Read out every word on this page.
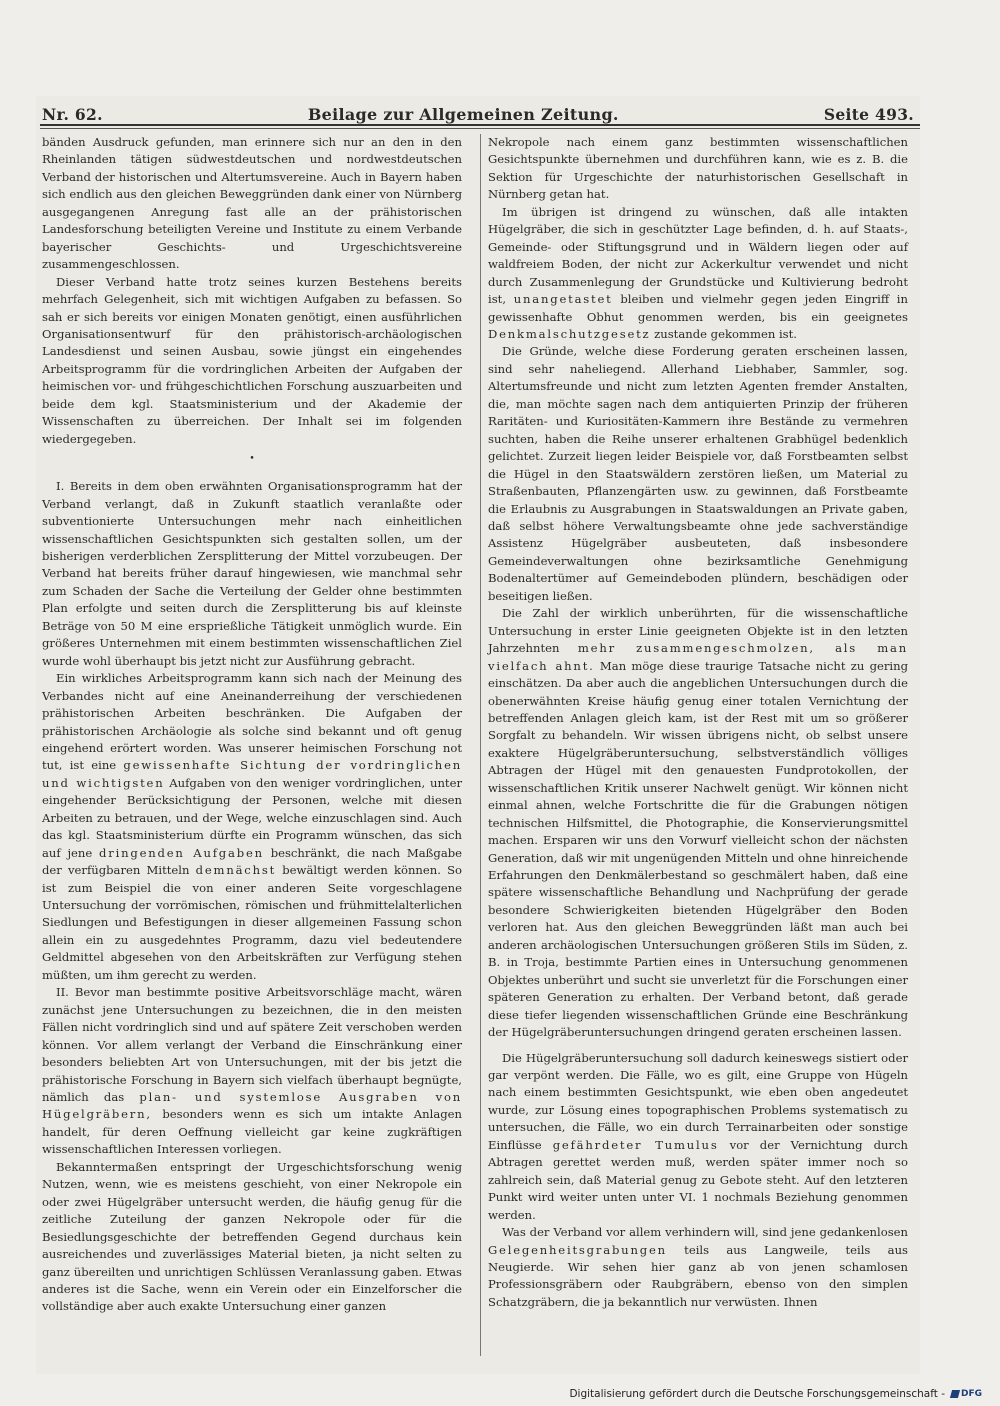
Nr. 62.	Beilage zur Allgemeinen Zeitung.	Seite 493.

bänden Ausdruck gefunden, man erinnere sich nur an den in den Rheinlanden tätigen südwestdeutschen und nordwestdeutschen Verband der historischen und Altertumsvereine. Auch in Bayern haben sich endlich aus den gleichen Beweggründen dank einer von Nürnberg ausgegangenen Anregung fast alle an der prähistorischen Landesforschung beteiligten Vereine und Institute zu einem Verbande bayerischer Geschichts- und Urgeschichtsvereine zusammengeschlossen.

Dieser Verband hatte trotz seines kurzen Bestehens bereits mehrfach Gelegenheit, sich mit wichtigen Aufgaben zu befassen. So sah er sich bereits vor einigen Monaten genötigt, einen ausführlichen Organisationsentwurf für den prähistorisch-archäologischen Landesdienst und seinen Ausbau, sowie jüngst ein eingehendes Arbeitsprogramm für die vordringlichen Arbeiten der Aufgaben der heimischen vor- und frühgeschichtlichen Forschung auszuarbeiten und beide dem kgl. Staatsministerium und der Akademie der Wissenschaften zu überreichen. Der Inhalt sei im folgenden wiedergegeben.

•

I. Bereits in dem oben erwähnten Organisationsprogramm hat der Verband verlangt, daß in Zukunft staatlich veranlaßte oder subventionierte Untersuchungen mehr nach einheitlichen wissenschaftlichen Gesichtspunkten sich gestalten sollen, um der bisherigen verderblichen Zersplitterung der Mittel vorzubeugen. Der Verband hat bereits früher darauf hingewiesen, wie manchmal sehr zum Schaden der Sache die Verteilung der Gelder ohne bestimmten Plan erfolgte und seiten durch die Zersplitterung bis auf kleinste Beträge von 50 M eine ersprießliche Tätigkeit unmöglich wurde. Ein größeres Unternehmen mit einem bestimmten wissenschaftlichen Ziel wurde wohl überhaupt bis jetzt nicht zur Ausführung gebracht.

Ein wirkliches Arbeitsprogramm kann sich nach der Meinung des Verbandes nicht auf eine Aneinanderreihung der verschiedenen prähistorischen Arbeiten beschränken. Die Aufgaben der prähistorischen Archäologie als solche sind bekannt und oft genug eingehend erörtert worden. Was unserer heimischen Forschung not tut, ist eine gewissenhafte Sichtung der vordringlichen und wichtigsten Aufgaben von den weniger vordringlichen, unter eingehender Berücksichtigung der Personen, welche mit diesen Arbeiten zu betrauen, und der Wege, welche einzuschlagen sind. Auch das kgl. Staatsministerium dürfte ein Programm wünschen, das sich auf jene dringenden Aufgaben beschränkt, die nach Maßgabe der verfügbaren Mitteln demnächst bewältigt werden können. So ist zum Beispiel die von einer anderen Seite vorgeschlagene Untersuchung der vorrömischen, römischen und frühmittelalterlichen Siedlungen und Befestigungen in dieser allgemeinen Fassung schon allein ein zu ausgedehntes Programm, dazu viel bedeutendere Geldmittel abgesehen von den Arbeitskräften zur Verfügung stehen müßten, um ihm gerecht zu werden.

II. Bevor man bestimmte positive Arbeitsvorschläge macht, wären zunächst jene Untersuchungen zu bezeichnen, die in den meisten Fällen nicht vordringlich sind und auf spätere Zeit verschoben werden können. Vor allem verlangt der Verband die Einschränkung einer besonders beliebten Art von Untersuchungen, mit der bis jetzt die prähistorische Forschung in Bayern sich vielfach überhaupt begnügte, nämlich das plan- und systemlose Ausgraben von Hügelgräbern, besonders wenn es sich um intakte Anlagen handelt, für deren Oeffnung vielleicht gar keine zugkräftigen wissenschaftlichen Interessen vorliegen.

Bekanntermaßen entspringt der Urgeschichtsforschung wenig Nutzen, wenn, wie es meistens geschieht, von einer Nekropole ein oder zwei Hügelgräber untersucht werden, die häufig genug für die zeitliche Zuteilung der ganzen Nekropole oder für die Besiedlungsgeschichte der betreffenden Gegend durchaus kein ausreichendes und zuverlässiges Material bieten, ja nicht selten zu ganz übereilten und unrichtigen Schlüssen Veranlassung gaben. Etwas anderes ist die Sache, wenn ein Verein oder ein Einzelforscher die vollständige aber auch exakte Untersuchung einer ganzen

Nekropole nach einem ganz bestimmten wissenschaftlichen Gesichtspunkte übernehmen und durchführen kann, wie es z. B. die Sektion für Urgeschichte der naturhistorischen Gesellschaft in Nürnberg getan hat.

Im übrigen ist dringend zu wünschen, daß alle intakten Hügelgräber, die sich in geschützter Lage befinden, d. h. auf Staats-, Gemeinde- oder Stiftungsgrund und in Wäldern liegen oder auf waldfreiem Boden, der nicht zur Ackerkultur verwendet und nicht durch Zusammenlegung der Grundstücke und Kultivierung bedroht ist, unangetastet bleiben und vielmehr gegen jeden Eingriff in gewissenhafte Obhut genommen werden, bis ein geeignetes Denkmalschutzgesetz zustande gekommen ist.

Die Gründe, welche diese Forderung geraten erscheinen lassen, sind sehr naheliegend. Allerhand Liebhaber, Sammler, sog. Altertumsfreunde und nicht zum letzten Agenten fremder Anstalten, die, man möchte sagen nach dem antiquierten Prinzip der früheren Raritäten- und Kuriositäten-Kammern ihre Bestände zu vermehren suchten, haben die Reihe unserer erhaltenen Grabhügel bedenklich gelichtet. Zurzeit liegen leider Beispiele vor, daß Forstbeamten selbst die Hügel in den Staatswäldern zerstören ließen, um Material zu Straßenbauten, Pflanzengärten usw. zu gewinnen, daß Forstbeamte die Erlaubnis zu Ausgrabungen in Staatswaldungen an Private gaben, daß selbst höhere Verwaltungsbeamte ohne jede sachverständige Assistenz Hügelgräber ausbeuteten, daß insbesondere Gemeindeverwaltungen ohne bezirksamtliche Genehmigung Bodenaltertümer auf Gemeindeboden plündern, beschädigen oder beseitigen ließen.

Die Zahl der wirklich unberührten, für die wissenschaftliche Untersuchung in erster Linie geeigneten Objekte ist in den letzten Jahrzehnten mehr zusammengeschmolzen, als man vielfach ahnt. Man möge diese traurige Tatsache nicht zu gering einschätzen. Da aber auch die angeblichen Untersuchungen durch die obenerwähnten Kreise häufig genug einer totalen Vernichtung der betreffenden Anlagen gleich kam, ist der Rest mit um so größerer Sorgfalt zu behandeln. Wir wissen übrigens nicht, ob selbst unsere exaktere Hügelgräberuntersuchung, selbstverständlich völliges Abtragen der Hügel mit den genauesten Fundprotokollen, der wissenschaftlichen Kritik unserer Nachwelt genügt. Wir können nicht einmal ahnen, welche Fortschritte die für die Grabungen nötigen technischen Hilfsmittel, die Photographie, die Konservierungsmittel machen. Ersparen wir uns den Vorwurf vielleicht schon der nächsten Generation, daß wir mit ungenügenden Mitteln und ohne hinreichende Erfahrungen den Denkmälerbestand so geschmälert haben, daß eine spätere wissenschaftliche Behandlung und Nachprüfung der gerade besondere Schwierigkeiten bietenden Hügelgräber den Boden verloren hat. Aus den gleichen Beweggründen läßt man auch bei anderen archäologischen Untersuchungen größeren Stils im Süden, z. B. in Troja, bestimmte Partien eines in Untersuchung genommenen Objektes unberührt und sucht sie unverletzt für die Forschungen einer späteren Generation zu erhalten. Der Verband betont, daß gerade diese tiefer liegenden wissenschaftlichen Gründe eine Beschränkung der Hügelgräberuntersuchungen dringend geraten erscheinen lassen.

Die Hügelgräberuntersuchung soll dadurch keineswegs sistiert oder gar verpönt werden. Die Fälle, wo es gilt, eine Gruppe von Hügeln nach einem bestimmten Gesichtspunkt, wie eben oben angedeutet wurde, zur Lösung eines topographischen Problems systematisch zu untersuchen, die Fälle, wo ein durch Terrainarbeiten oder sonstige Einflüsse gefährdeter Tumulus vor der Vernichtung durch Abtragen gerettet werden muß, werden später immer noch so zahlreich sein, daß Material genug zu Gebote steht. Auf den letzteren Punkt wird weiter unten unter VI. 1 nochmals Beziehung genommen werden.

Was der Verband vor allem verhindern will, sind jene gedankenlosen Gelegenheitsgrabungen teils aus Langweile, teils aus Neugierde. Wir sehen hier ganz ab von jenen schamlosen Professionsgräbern oder Raubgräbern, ebenso von den simplen Schatzgräbern, die ja bekanntlich nur verwüsten. Ihnen

Digitalisierung gefördert durch die Deutsche Forschungsgemeinschaft - DFG
